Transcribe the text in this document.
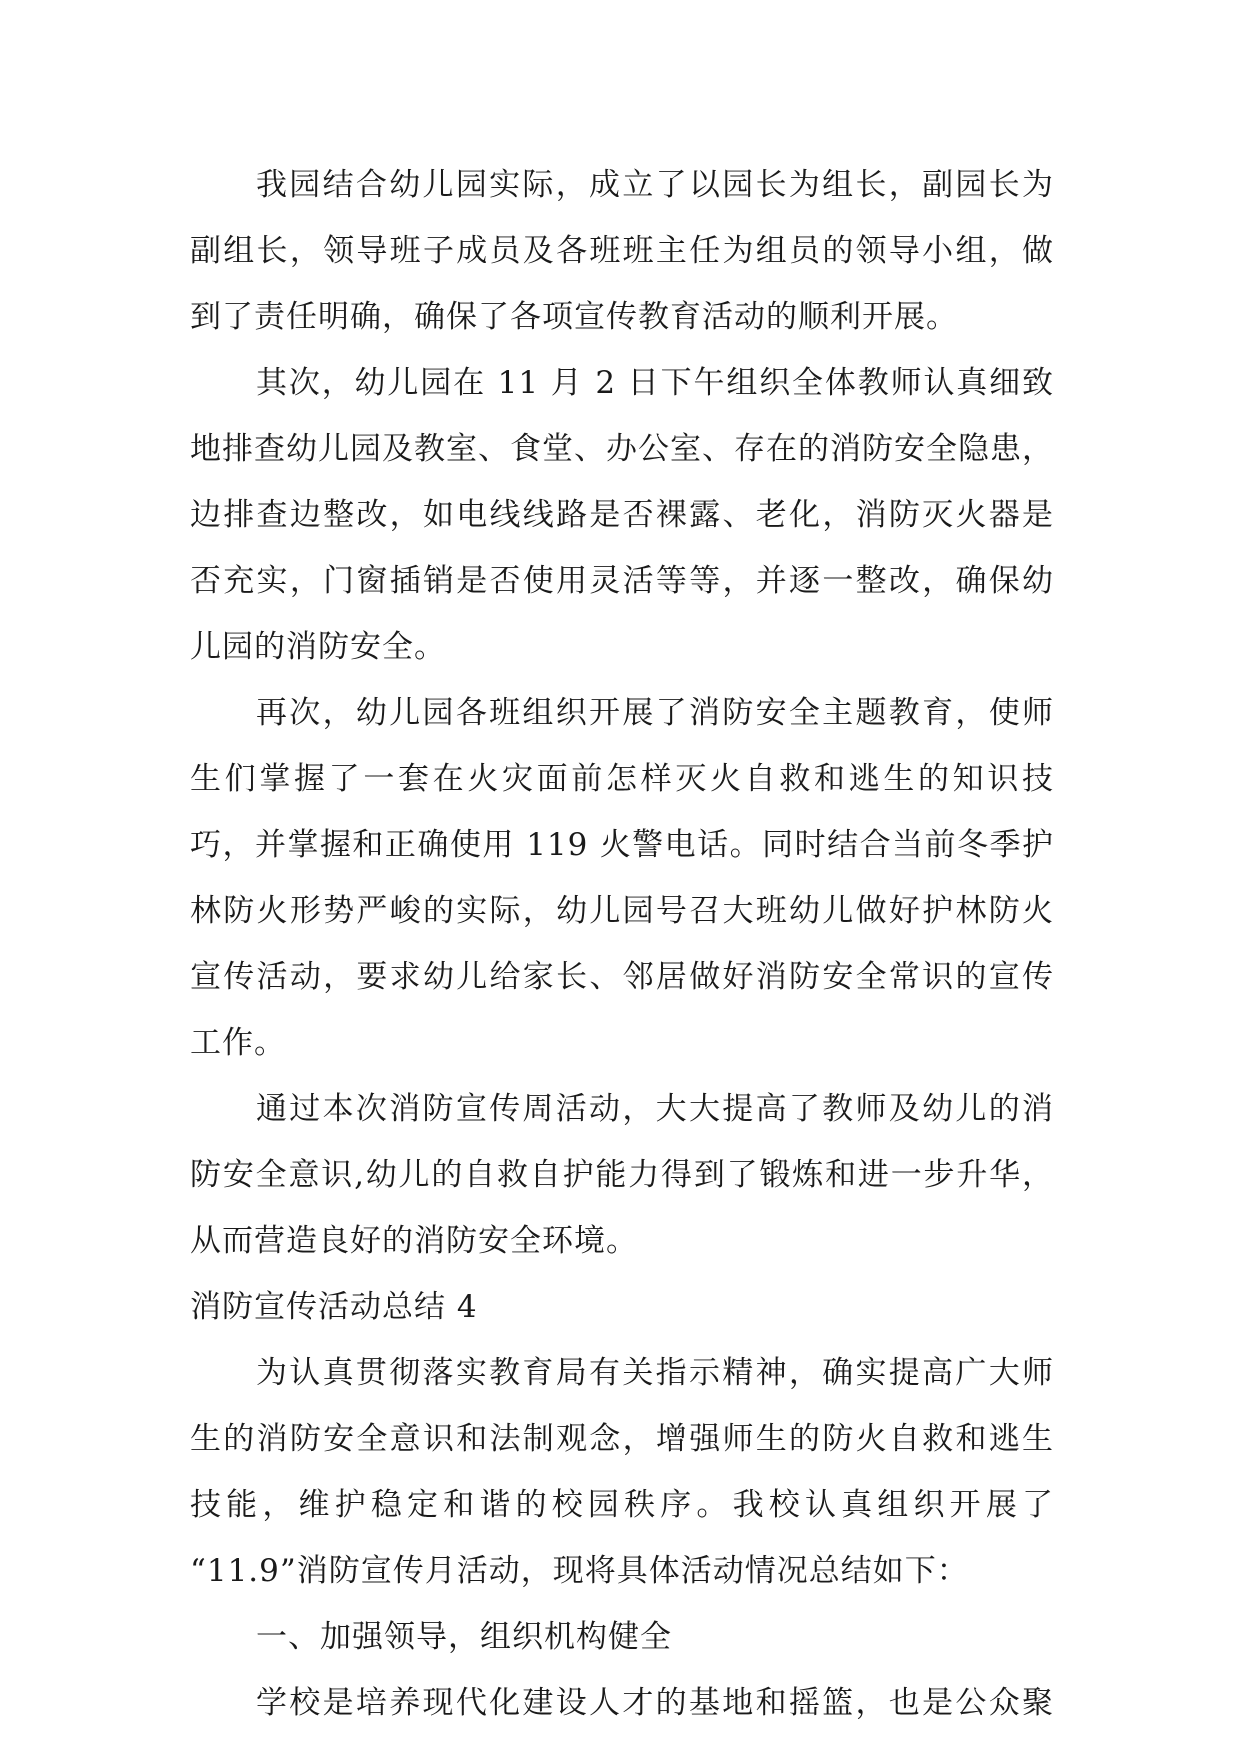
我园结合幼儿园实际，成立了以园长为组长，副园长为
副组长，领导班子成员及各班班主任为组员的领导小组，做
到了责任明确，确保了各项宣传教育活动的顺利开展。
其次，幼儿园在 11 月 2 日下午组织全体教师认真细致
地排查幼儿园及教室、食堂、办公室、存在的消防安全隐患，
边排查边整改，如电线线路是否裸露、老化，消防灭火器是
否充实，门窗插销是否使用灵活等等，并逐一整改，确保幼
儿园的消防安全。
再次，幼儿园各班组织开展了消防安全主题教育，使师
生们掌握了一套在火灾面前怎样灭火自救和逃生的知识技
巧，并掌握和正确使用 119 火警电话。同时结合当前冬季护
林防火形势严峻的实际，幼儿园号召大班幼儿做好护林防火
宣传活动，要求幼儿给家长、邻居做好消防安全常识的宣传
工作。
通过本次消防宣传周活动，大大提高了教师及幼儿的消
防安全意识,幼儿的自救自护能力得到了锻炼和进一步升华，
从而营造良好的消防安全环境。
消防宣传活动总结 4
为认真贯彻落实教育局有关指示精神，确实提高广大师
生的消防安全意识和法制观念，增强师生的防火自救和逃生
技能，维护稳定和谐的校园秩序。我校认真组织开展了
“11.9”消防宣传月活动，现将具体活动情况总结如下：
一、加强领导，组织机构健全
学校是培养现代化建设人才的基地和摇篮，也是公众聚
